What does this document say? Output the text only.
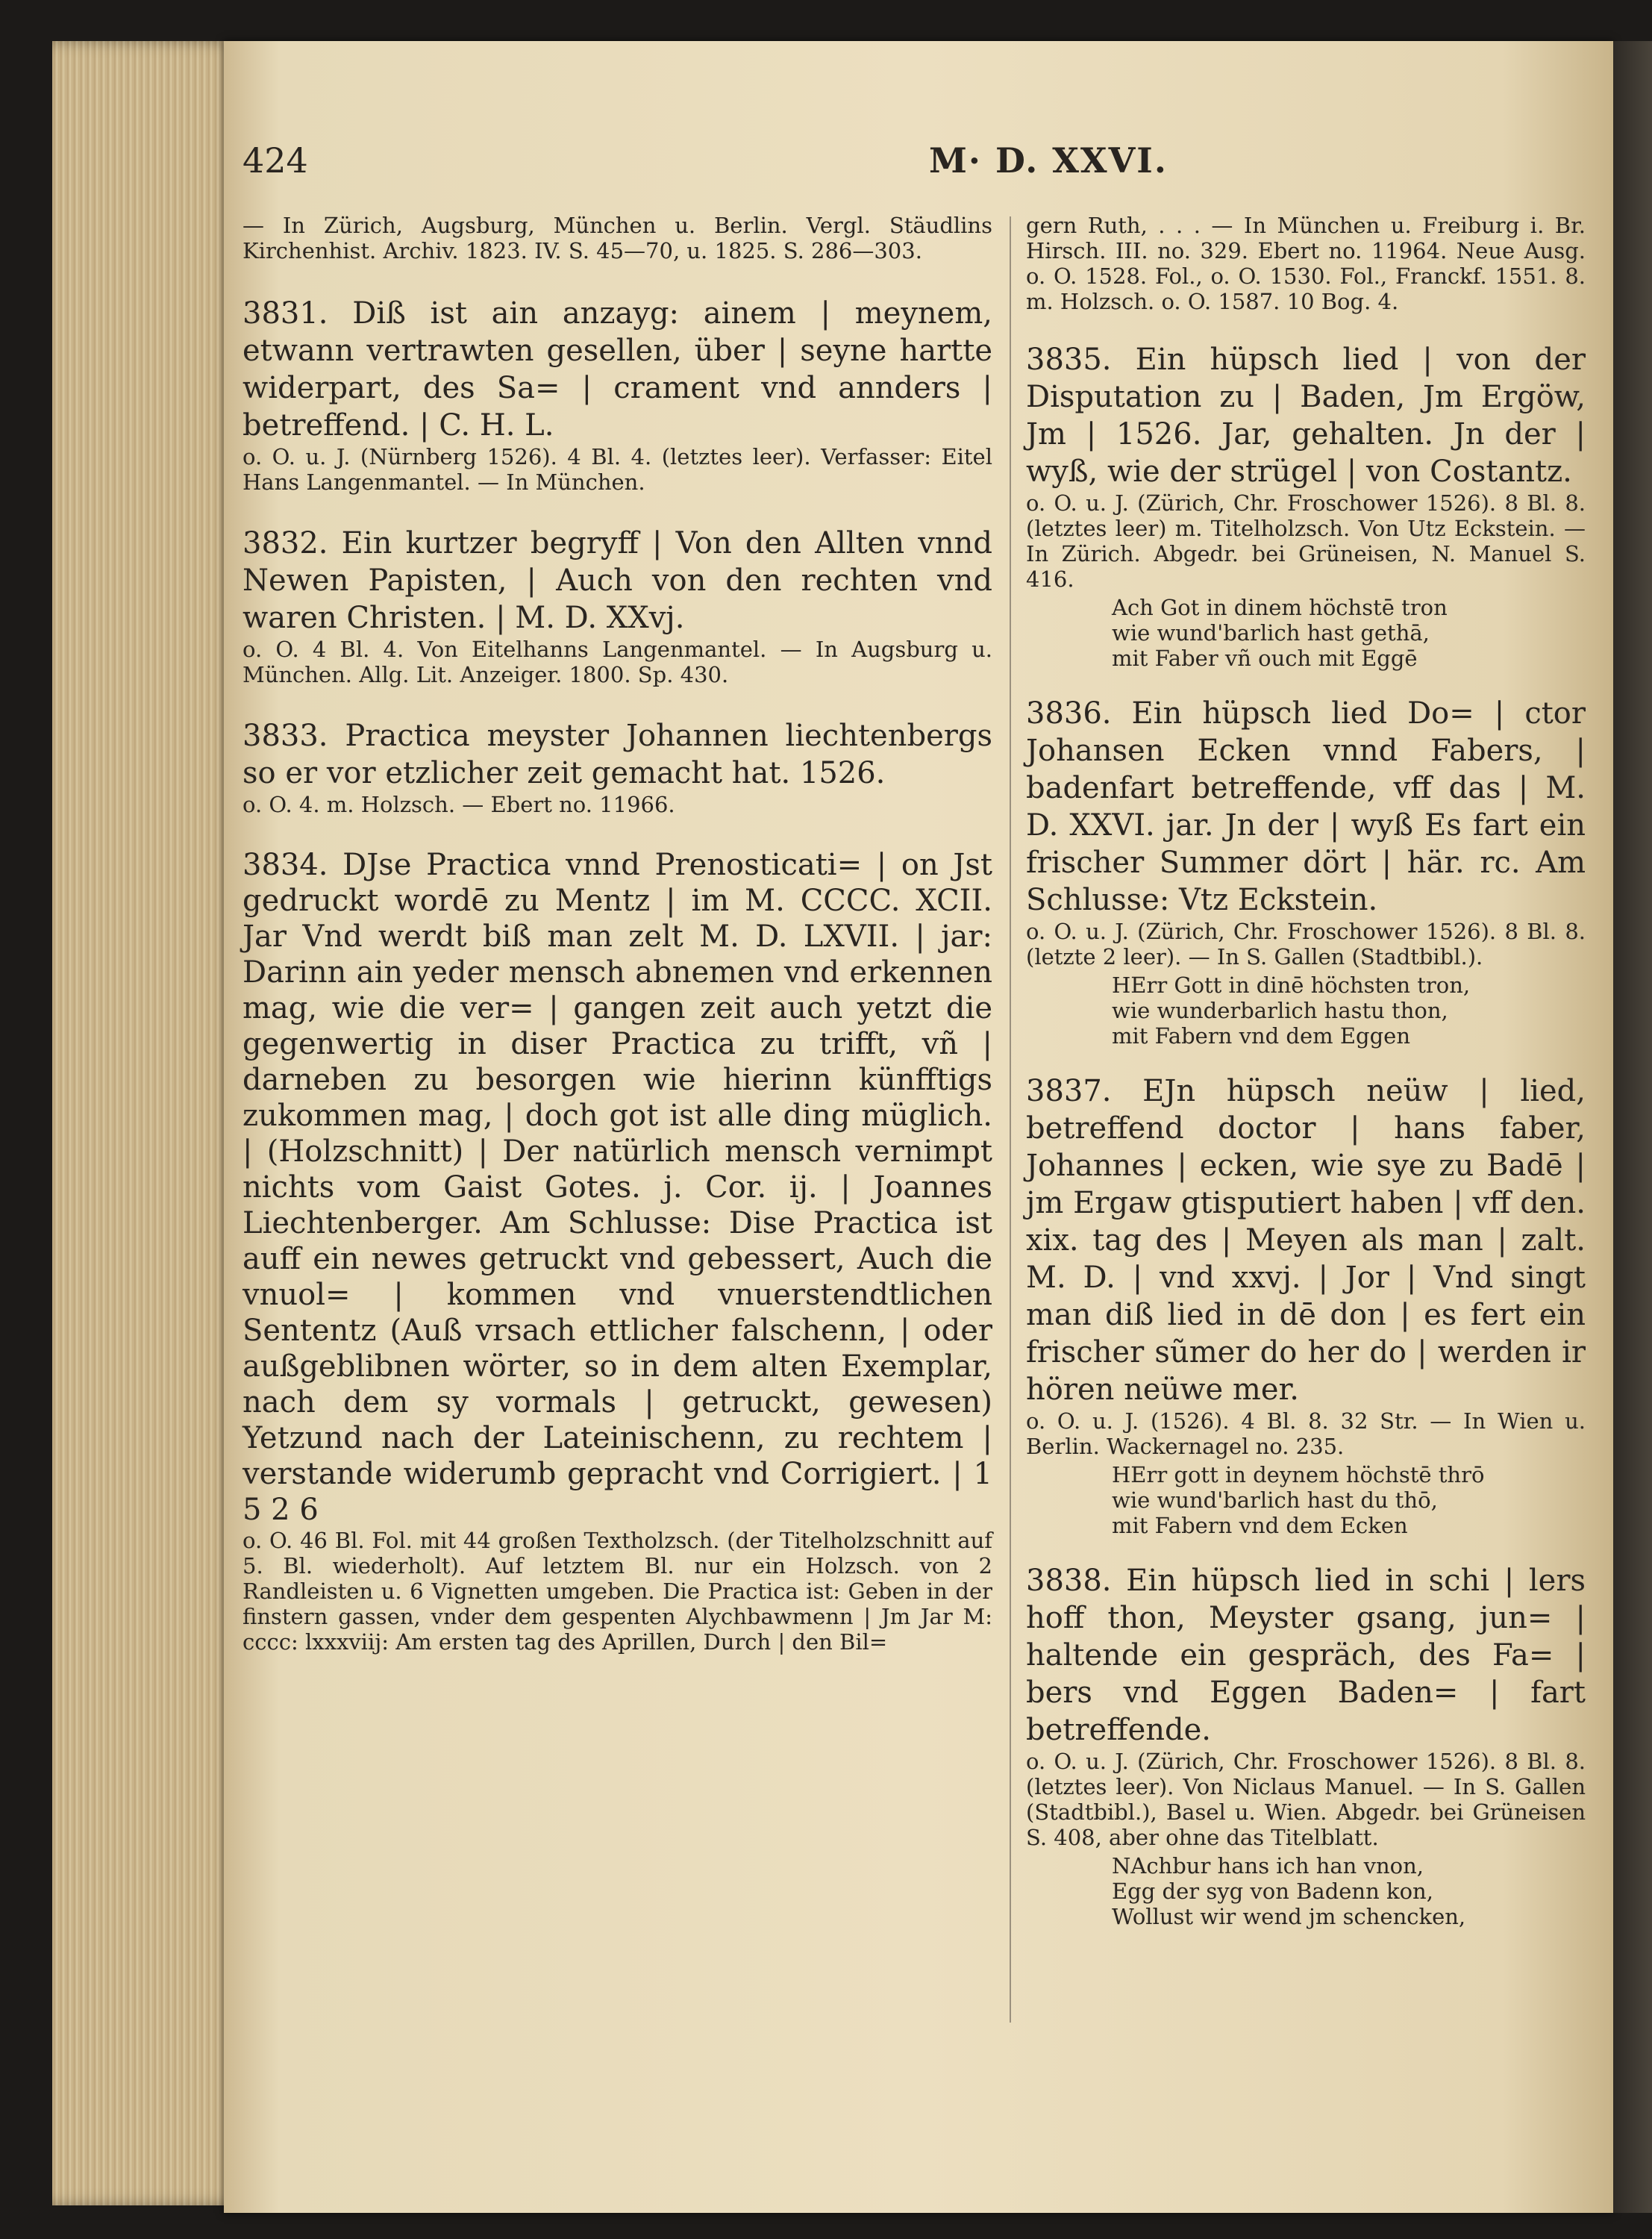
424	M· D. XXVI.

— In Zürich, Augsburg, München u. Berlin. Vergl. Stäudlins Kirchenhist. Archiv. 1823. IV. S. 45—70, u. 1825. S. 286—303.

3831. Diß ist ain anzayg: ainem | meynem, etwann vertrawten gesellen, über | seyne hartte widerpart, des Sa= | crament vnd annders | betreffend. | C. H. L.

o. O. u. J. (Nürnberg 1526). 4 Bl. 4. (letztes leer). Verfasser: Eitel Hans Langenmantel. — In München.

3832. Ein kurtzer begryff | Von den Allten vnnd Newen Papisten, | Auch von den rechten vnd waren Christen. | M. D. XXvj.

o. O. 4 Bl. 4. Von Eitelhanns Langenmantel. — In Augsburg u. München. Allg. Lit. Anzeiger. 1800. Sp. 430.

3833. Practica meyster Johannen liechtenbergs so er vor etzlicher zeit gemacht hat. 1526.

o. O. 4. m. Holzsch. — Ebert no. 11966.

3834. DJse Practica vnnd Prenosticati= | on Jst gedruckt wordē zu Mentz | im M. CCCC. XCII. Jar Vnd werdt biß man zelt M. D. LXVII. | jar: Darinn ain yeder mensch abnemen vnd erkennen mag, wie die ver= | gangen zeit auch yetzt die gegenwertig in diser Practica zu trifft, vñ | darneben zu besorgen wie hierinn künfftigs zukommen mag, | doch got ist alle ding müglich. | (Holzschnitt) | Der natürlich mensch vernimpt nichts vom Gaist Gotes. j. Cor. ij. | Joannes Liechtenberger. Am Schlusse: Dise Practica ist auff ein newes getruckt vnd gebessert, Auch die vnuol= | kommen vnd vnuerstendtlichen Sententz (Auß vrsach ettlicher falschenn, | oder außgeblibnen wörter, so in dem alten Exemplar, nach dem sy vormals | getruckt, gewesen) Yetzund nach der Lateinischenn, zu rechtem | verstande widerumb gepracht vnd Corrigiert. | 1 5 2 6

o. O. 46 Bl. Fol. mit 44 großen Textholzsch. (der Titelholzschnitt auf 5. Bl. wiederholt). Auf letztem Bl. nur ein Holzsch. von 2 Randleisten u. 6 Vignetten umgeben. Die Practica ist: Geben in der finstern gassen, vnder dem gespenten Alychbawmenn | Jm Jar M: cccc: lxxxviij: Am ersten tag des Aprillen, Durch | den Bil=

gern Ruth, . . . — In München u. Freiburg i. Br. Hirsch. III. no. 329. Ebert no. 11964. Neue Ausg. o. O. 1528. Fol., o. O. 1530. Fol., Franckf. 1551. 8. m. Holzsch. o. O. 1587. 10 Bog. 4.

3835. Ein hüpsch lied | von der Disputation zu | Baden, Jm Ergöw, Jm | 1526. Jar, gehalten. Jn der | wyß, wie der strügel | von Costantz.

o. O. u. J. (Zürich, Chr. Froschower 1526). 8 Bl. 8. (letztes leer) m. Titelholzsch. Von Utz Eckstein. — In Zürich. Abgedr. bei Grüneisen, N. Manuel S. 416.

Ach Got in dinem höchstē tron
wie wund'barlich hast gethā,
mit Faber vñ ouch mit Eggē

3836. Ein hüpsch lied Do= | ctor Johansen Ecken vnnd Fabers, | badenfart betreffende, vff das | M. D. XXVI. jar. Jn der | wyß Es fart ein frischer Summer dört | här. rc. Am Schlusse: Vtz Eckstein.

o. O. u. J. (Zürich, Chr. Froschower 1526). 8 Bl. 8. (letzte 2 leer). — In S. Gallen (Stadtbibl.).

HErr Gott in dinē höchsten tron,
wie wunderbarlich hastu thon,
mit Fabern vnd dem Eggen

3837. EJn hüpsch neüw | lied, betreffend doctor | hans faber, Johannes | ecken, wie sye zu Badē | jm Ergaw gtisputiert haben | vff den. xix. tag des | Meyen als man | zalt. M. D. | vnd xxvj. | Jor | Vnd singt man diß lied in dē don | es fert ein frischer sũmer do her do | werden ir hören neüwe mer.

o. O. u. J. (1526). 4 Bl. 8. 32 Str. — In Wien u. Berlin. Wackernagel no. 235.

HErr gott in deynem höchstē thrō
wie wund'barlich hast du thō,
mit Fabern vnd dem Ecken

3838. Ein hüpsch lied in schi | lers hoff thon, Meyster gsang, jun= | haltende ein gespräch, des Fa= | bers vnd Eggen Baden= | fart betreffende.

o. O. u. J. (Zürich, Chr. Froschower 1526). 8 Bl. 8. (letztes leer). Von Niclaus Manuel. — In S. Gallen (Stadtbibl.), Basel u. Wien. Abgedr. bei Grüneisen S. 408, aber ohne das Titelblatt.

NAchbur hans ich han vnon,
Egg der syg von Badenn kon,
Wollust wir wend jm schencken,
